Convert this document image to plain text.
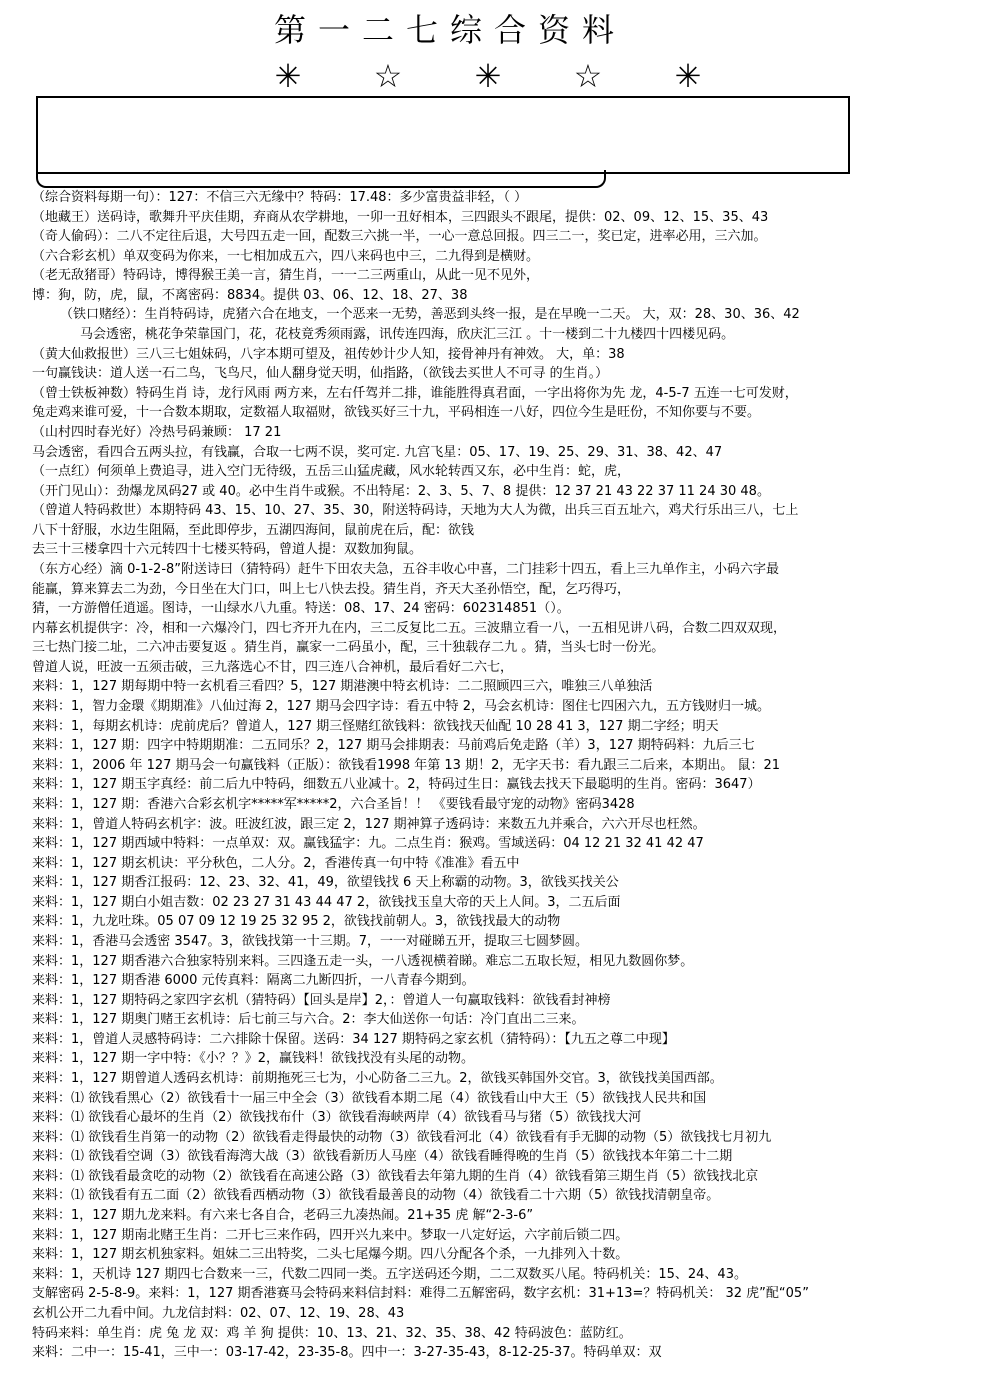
第一二七综合资料
✳ ☆ ✳ ☆ ✳
（综合资料每期一句）：127：不信三六无缘中？特码：17.48：多少富贵益非轻，（ ）
（地藏王）送码诗，歌舞升平庆佳期，弃商从农学耕地，一卯一丑好相本，三四跟头不跟尾，提供：02、09、12、15、35、43
（奇人偷码）：二八不定往后退，大号四五走一回，配数三六挑一半，一心一意总回报。四三二一，奖已定，进率必用，三六加。
（六合彩玄机）单双变码为你来，一七相加成五六，四八来码也中三，二九得到是横财。
（老无敌猪哥）特码诗，博得猴王美一言，猜生肖，一一二三两重山，从此一见不见外，
博：狗，防，虎，鼠，不离密码：8834。提供 03、06、12、18、27、38
（铁口赌经）：生肖特码诗，虎猪六合在地支，一个恶来一无势，善恶到头终一报，是在早晚一二天。 大，双：28、30、36、42
马会透密，桃花争荣靠国门，花，花枝竟秀须雨露，讯传连四海，欣庆汇三江 。十一楼到二十九楼四十四楼见码。
（黄大仙救报世）三八三七姐妹码，八字本期可望及，祖传妙计少人知，接骨神丹有神效。 大，单：38
一句赢钱诀：道人送一石二鸟，飞鸟尺，仙人翻身觉天明，仙指路，（欲钱去买世人不可寻 的生肖。）
（曾士铁板神数）特码生肖 诗，龙行风雨 两方来，左右仟驾并二排，谁能胜得真君面，一字出将你为先 龙，4-5-7 五连一七可发财，
兔走鸡来谁可爱，十一合数本期取，定数福人取福财，欲钱买好三十九，平码相连一八好，四位今生是旺份，不知你要与不要。
（山村四时春光好）冷热号码兼顾： 17 21
马会透密，看四合五两头拉，有钱赢，合取一七两不误，奖可定. 九宫飞星：05、17、19、25、29、31、38、42、47
（一点红）何须单上费追寻，进入空门无待级，五岳三山猛虎藏，风水轮转西又东，必中生肖：蛇，虎，
（开门见山）：劲爆龙凤码27 或 40。必中生肖牛或猴。不出特尾：2、3、5、7、8 提供：12 37 21 43 22 37 11 24 30 48。
（曾道人特码救世）本期特码 43、15、10、27、35、30，附送特码诗，天地为大人为微，出兵三百五址六，鸡犬行乐出三八，七上
八下十舒服，水边生阻隔，至此即停步，五湖四海间，鼠前虎在后，配：欲钱
去三十三楼拿四十六元转四十七楼买特码，曾道人提：双数加狗鼠。
（东方心经）滴 0-1-2-8”附送诗曰（猜特码）赶牛下田农夫急，五谷丰收心中喜，二门挂彩十四五，看上三九单作主，小码六字最
能赢，算来算去二为劲，今日坐在大门口，叫上七八快去投。猜生肖，齐天大圣孙悟空，配，乞巧得巧，
猜，一方游僧任逍遥。图诗，一山绿水八九重。特送：08、17、24 密码：602314851（）。
内幕玄机提供字：冷，相和一六爆冷门，四七齐开九在内，三二反复比二五。三波鼎立看一八，一五相见讲八码，合数二四双双现，
三七热门接二址，二六冲击要复返 。猜生肖，赢家一二码虽小，配，三十独载存二九 。猜，当头七时一份光。
曾道人说，旺波一五须击破，三九落选心不甘，四三连八合神机，最后看好二六七，
来料：1，127 期每期中特一玄机看三看四？5，127 期港澳中特玄机诗：二二照顾四三六，唯独三八单独活
来料：1，智力金環《期期准》八仙过海 2，127 期马会四字诗：看五中特 2，马会玄机诗：图住七四困六九，五方钱财归一城。
来料：1，每期玄机诗：虎前虎后？曾道人，127 期三怪赌红欲钱料：欲钱找天仙配 10 28 41 3，127 期二字经；明天
来料：1，127 期：四字中特期期准：二五同乐？2，127 期马会排期表：马前鸡后免走路（羊）3，127 期特码料：九后三七
来料：1，2006 年 127 期马会一句赢钱料（正版）：欲钱看1998 年第 13 期！2，无字天书：看九跟三二后来，本期出。 鼠：21
来料：1，127 期玉字真经：前二后九中特码，细数五八业减十。2，特码过生日：赢钱去找天下最聪明的生肖。密码：3647）
来料：1，127 期：香港六合彩玄机字*****军*****2，六合圣旨！！ 《要钱看最守宠的动物》密码3428
来料：1，曾道人特码玄机字：波。旺波红波，跟三定 2，127 期神算子透码诗：来数五九并乘合，六六开尽也枉然。
来料：1，127 期西域中特料：一点单双：双。赢钱猛字：九。二点生肖：猴鸡。雪域送码：04 12 21 32 41 42 47
来料：1，127 期玄机诀：平分秋色，二人分。2，香港传真一句中特《准准》看五中
来料：1，127 期香江报码：12、23、32、41，49，欲望钱找 6 天上称霸的动物。3，欲钱买找关公
来料：1，127 期白小姐吉数：02 23 27 31 43 44 47 2，欲钱找玉皇大帝的天上人间。3，二五后面
来料：1，九龙吐珠。05 07 09 12 19 25 32 95 2，欲钱找前朝人。3，欲钱找最大的动物
来料：1，香港马会透密 3547。3，欲钱找第一十三期。7，一一对碰睇五开，提取三七圆梦圆。
来料：1，127 期香港六合独家特别来料。三四逢五走一头，一八透视横着睇。难忘二五取长短，相见九数圆你梦。
来料：1，127 期香港 6000 元传真料：隔离二九断四折，一八青春今期到。
来料：1，127 期特码之家四字玄机（猜特码）【回头是岸】2，：曾道人一句赢取钱料：欲钱看封神榜
来料：1，127 期奥门赌王玄机诗：后七前三与六合。2：李大仙送你一句话：冷门直出二三来。
来料：1，曾道人灵感特码诗：二六排除十保留。送码：34 127 期特码之家玄机（猜特码）：【九五之尊二中现】
来料：1，127 期一字中特：《小？？》2，赢钱料！欲钱找没有头尾的动物。
来料：1，127 期曾道人透码玄机诗：前期拖死三七为，小心防备二三九。2，欲钱买韩国外交官。3，欲钱找美国西部。
来料：⑴ 欲钱看黑心（2）欲钱看十一届三中全会（3）欲钱看本期二尾（4）欲钱看山中大王（5）欲钱找人民共和国
来料：⑴ 欲钱看心最坏的生肖（2）欲钱找布什（3）欲钱看海峡两岸（4）欲钱看马与猪（5）欲钱找大河
来料：⑴ 欲钱看生肖第一的动物（2）欲钱看走得最快的动物（3）欲钱看河北（4）欲钱看有手无脚的动物（5）欲钱找七月初九
来料：⑴ 欲钱看空调（3）欲钱看海湾大战（3）欲钱看新历人马座（4）欲钱看睡得晚的生肖（5）欲钱找本年第二十二期
来料：⑴ 欲钱看最贪吃的动物（2）欲钱看在高速公路（3）欲钱看去年第九期的生肖（4）欲钱看第三期生肖（5）欲钱找北京
来料：⑴ 欲钱看有五二面（2）欲钱看西栖动物（3）欲钱看最善良的动物（4）欲钱看二十六期（5）欲钱找清朝皇帝。
来料：1，127 期九龙来料。有六来七各自合，老码三九凑热闹。21+35 虎 解“2-3-6”
来料：1，127 期南北赌王生肖：二开七三来作码，四开兴九来中。梦取一八定好运，六字前后锁二四。
来料：1，127 期玄机独家料。姐妹二三出特奖，二头七尾爆今期。四八分配各个杀，一九排列入十数。
来料：1，天机诗 127 期四七合数来一三，代数二四同一类。五字送码还今期，二二双数买八尾。特码机关：15、24、43。
支解密码 2-5-8-9。来料：1，127 期香港赛马会特码来料信封料：难得二五解密码，数字玄机：31+13=？特码机关： 32 虎”配“05”
玄机公开二九看中间。九龙信封料：02、07、12、19、28、43
特码来料：单生肖：虎 兔 龙 双：鸡 羊 狗 提供：10、13、21、32、35、38、42 特码波色：蓝防红。
来料：二中一：15-41，三中一：03-17-42，23-35-8。四中一：3-27-35-43，8-12-25-37。特码单双：双
